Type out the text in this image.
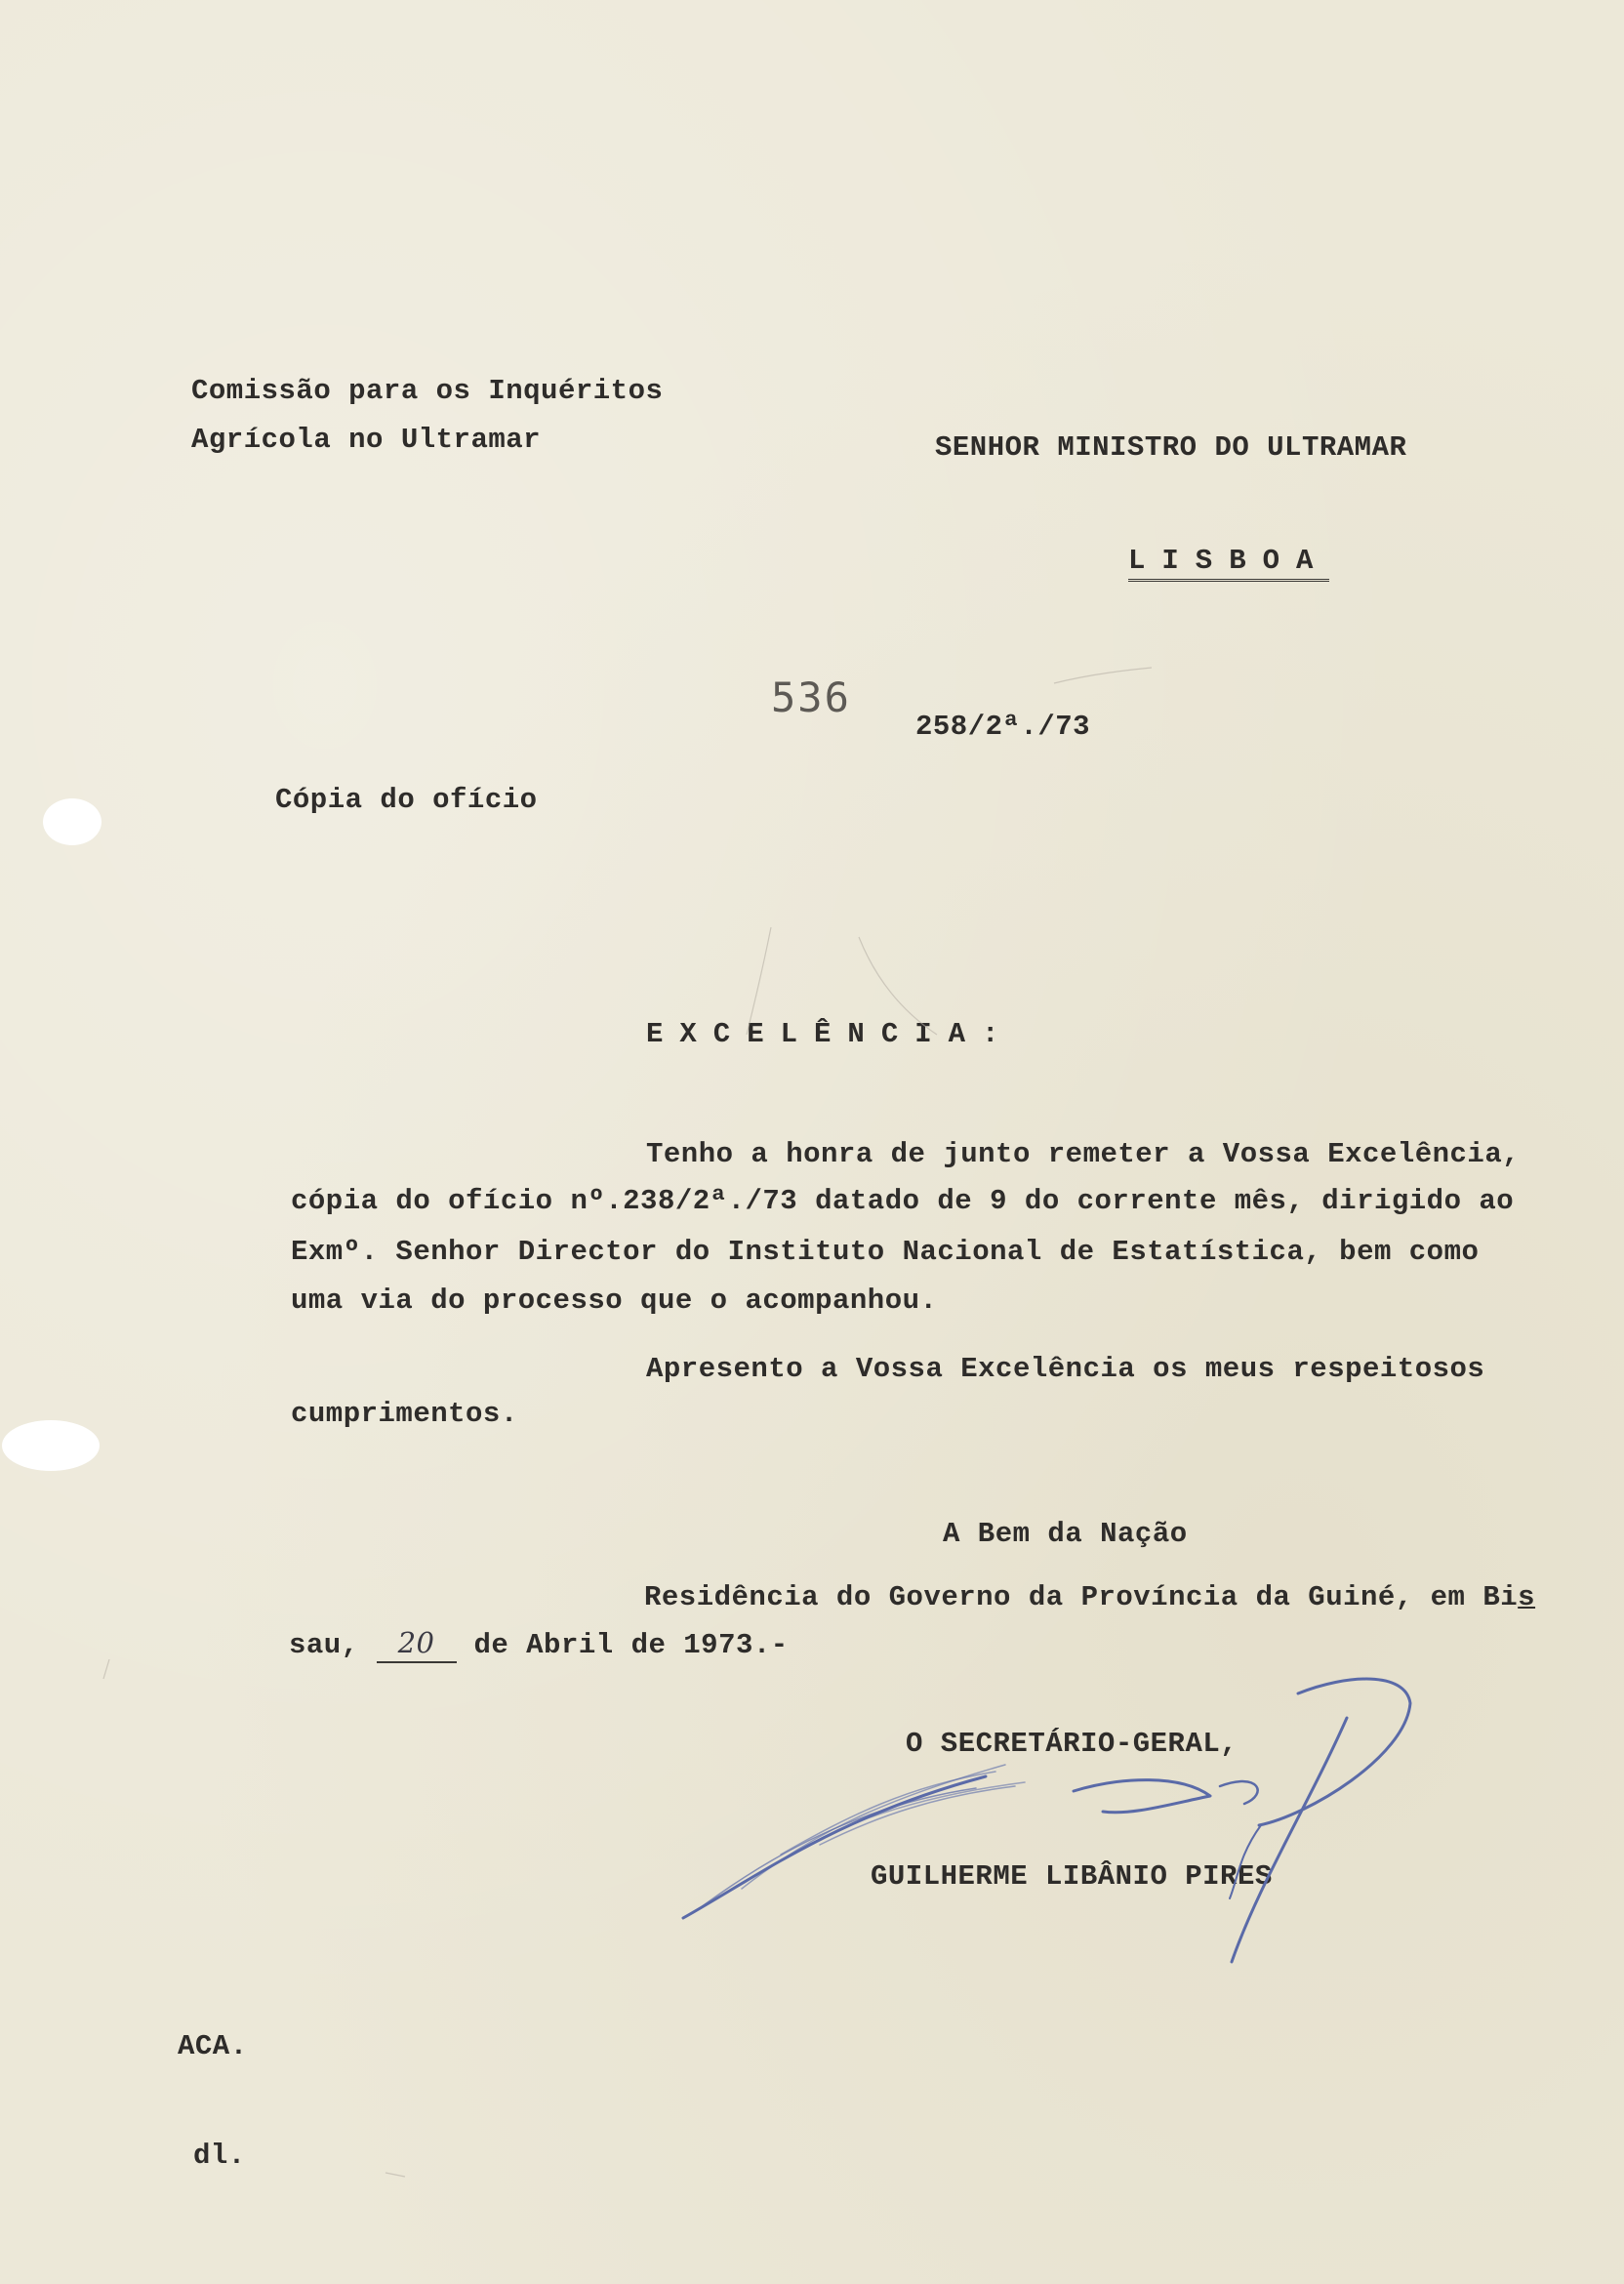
Comissão para os Inquéritos

Agrícola no Ultramar	SENHOR MINISTRO DO ULTRAMAR

LISBOA

536

258/2ª./73

Cópia do ofício

EXCELÊNCIA:

Tenho a honra de junto remeter a Vossa Excelência,

cópia do ofício nº.238/2ª./73 datado de 9 do corrente mês, dirigido ao

Exmº. Senhor Director do Instituto Nacional de Estatística, bem como

uma via do processo que o acompanhou.

Apresento a Vossa Excelência os meus respeitosos

cumprimentos.

A Bem da Nação

Residência do Governo da Província da Guiné, em Bis

sau, 20 de Abril de 1973.-

O SECRETÁRIO-GERAL,

GUILHERME LIBÂNIO PIRES

ACA.

dl.
